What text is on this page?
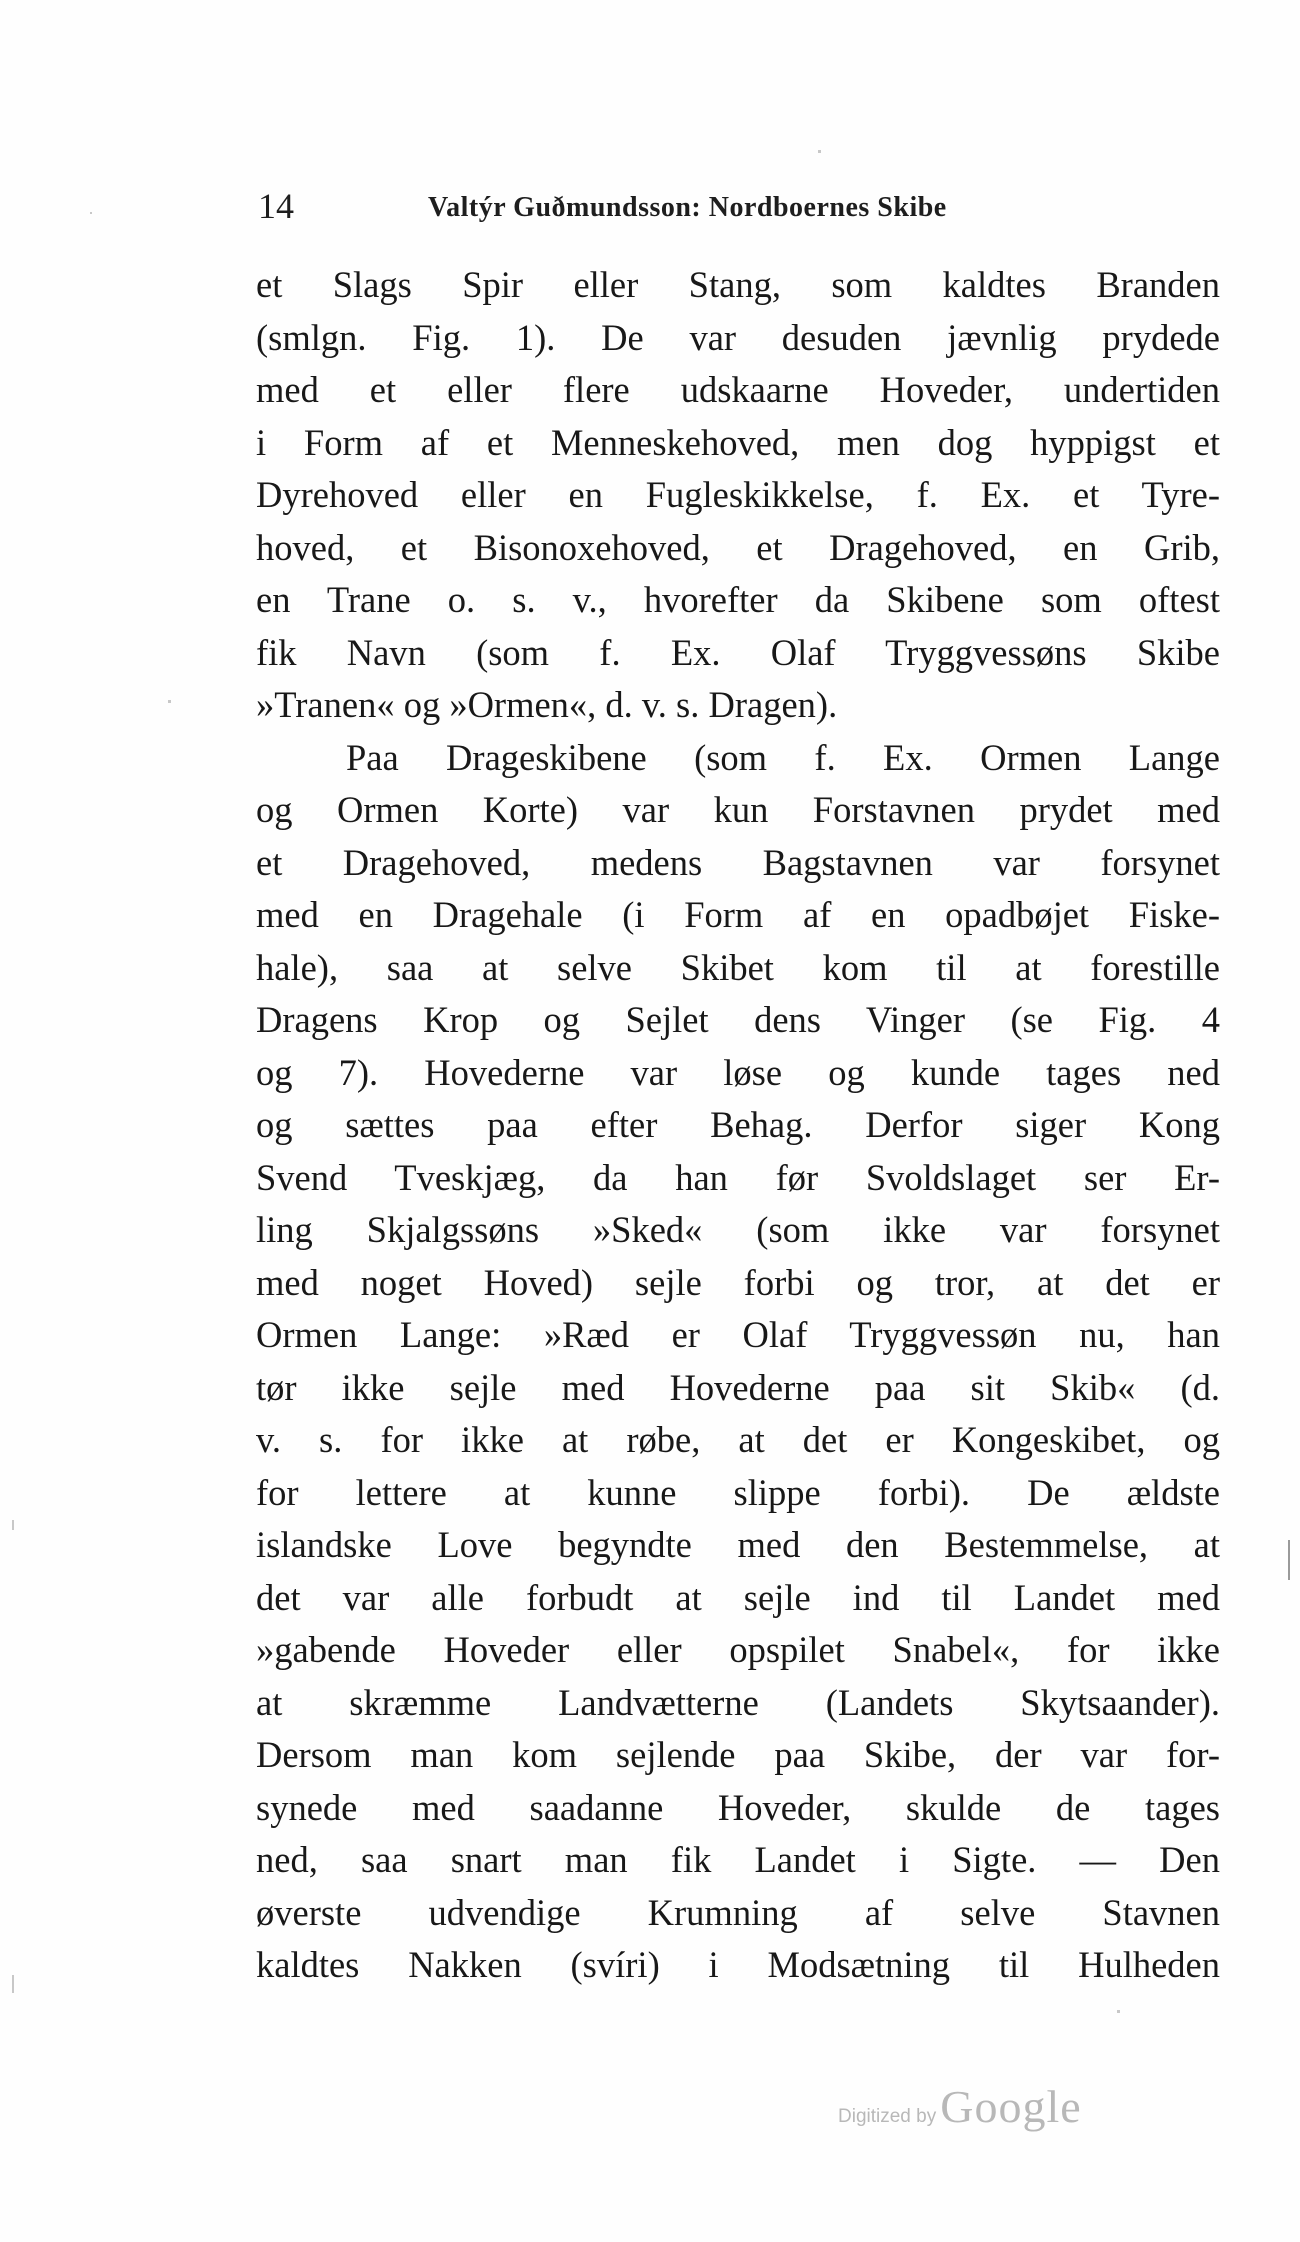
14	Valtýr Guðmundsson: Nordboernes Skibe
et Slags Spir eller Stang, som kaldtes Branden
(smlgn. Fig. 1). De var desuden jævnlig prydede
med et eller flere udskaarne Hoveder, undertiden
i Form af et Menneskehoved, men dog hyppigst et
Dyrehoved eller en Fugleskikkelse, f. Ex. et Tyre-
hoved, et Bisonoxehoved, et Dragehoved, en Grib,
en Trane o. s. v., hvorefter da Skibene som oftest
fik Navn (som f. Ex. Olaf Tryggvessøns Skibe
»Tranen« og »Ormen«, d. v. s. Dragen).
Paa Drageskibene (som f. Ex. Ormen Lange
og Ormen Korte) var kun Forstavnen prydet med
et Dragehoved, medens Bagstavnen var forsynet
med en Dragehale (i Form af en opadbøjet Fiske-
hale), saa at selve Skibet kom til at forestille
Dragens Krop og Sejlet dens Vinger (se Fig. 4
og 7). Hovederne var løse og kunde tages ned
og sættes paa efter Behag. Derfor siger Kong
Svend Tveskjæg, da han før Svoldslaget ser Er-
ling Skjalgssøns »Sked« (som ikke var forsynet
med noget Hoved) sejle forbi og tror, at det er
Ormen Lange: »Ræd er Olaf Tryggvessøn nu, han
tør ikke sejle med Hovederne paa sit Skib« (d.
v. s. for ikke at røbe, at det er Kongeskibet, og
for lettere at kunne slippe forbi). De ældste
islandske Love begyndte med den Bestemmelse, at
det var alle forbudt at sejle ind til Landet med
»gabende Hoveder eller opspilet Snabel«, for ikke
at skræmme Landvætterne (Landets Skytsaander).
Dersom man kom sejlende paa Skibe, der var for-
synede med saadanne Hoveder, skulde de tages
ned, saa snart man fik Landet i Sigte. — Den
øverste udvendige Krumning af selve Stavnen
kaldtes Nakken (svíri) i Modsætning til Hulheden
Digitized by Google
